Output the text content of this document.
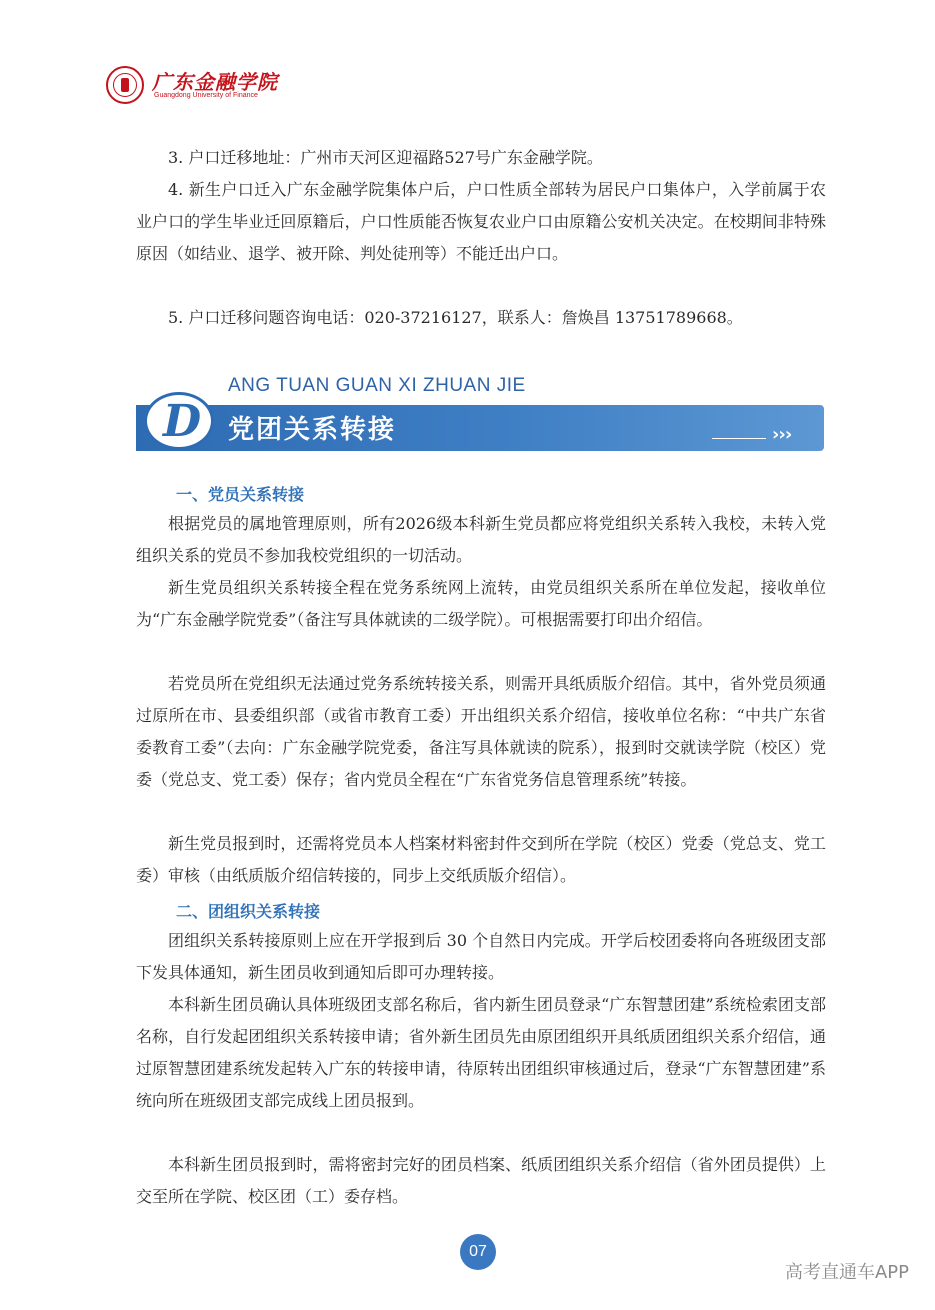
广东金融学院
Guangdong University of Finance

3. 户口迁移地址：广州市天河区迎福路527号广东金融学院。

4. 新生户口迁入广东金融学院集体户后，户口性质全部转为居民户口集体户，入学前属于农业户口的学生毕业迁回原籍后，户口性质能否恢复农业户口由原籍公安机关决定。在校期间非特殊原因（如结业、退学、被开除、判处徒刑等）不能迁出户口。

5. 户口迁移问题咨询电话：020-37216127，联系人：詹焕昌 13751789668。

ANG TUAN GUAN XI ZHUAN JIE
D 党团关系转接	›››
一、党员关系转接

根据党员的属地管理原则，所有2026级本科新生党员都应将党组织关系转入我校，未转入党组织关系的党员不参加我校党组织的一切活动。

新生党员组织关系转接全程在党务系统网上流转，由党员组织关系所在单位发起，接收单位为“广东金融学院党委”（备注写具体就读的二级学院）。可根据需要打印出介绍信。

若党员所在党组织无法通过党务系统转接关系，则需开具纸质版介绍信。其中，省外党员须通过原所在市、县委组织部（或省市教育工委）开出组织关系介绍信，接收单位名称：“中共广东省委教育工委”（去向：广东金融学院党委，备注写具体就读的院系），报到时交就读学院（校区）党委（党总支、党工委）保存；省内党员全程在“广东省党务信息管理系统”转接。

新生党员报到时，还需将党员本人档案材料密封件交到所在学院（校区）党委（党总支、党工委）审核（由纸质版介绍信转接的，同步上交纸质版介绍信）。

二、团组织关系转接

团组织关系转接原则上应在开学报到后 30 个自然日内完成。开学后校团委将向各班级团支部下发具体通知，新生团员收到通知后即可办理转接。

本科新生团员确认具体班级团支部名称后，省内新生团员登录“广东智慧团建”系统检索团支部名称，自行发起团组织关系转接申请；省外新生团员先由原团组织开具纸质团组织关系介绍信，通过原智慧团建系统发起转入广东的转接申请，待原转出团组织审核通过后，登录“广东智慧团建”系统向所在班级团支部完成线上团员报到。

本科新生团员报到时，需将密封完好的团员档案、纸质团组织关系介绍信（省外团员提供）上交至所在学院、校区团（工）委存档。

07
高考直通车APP
